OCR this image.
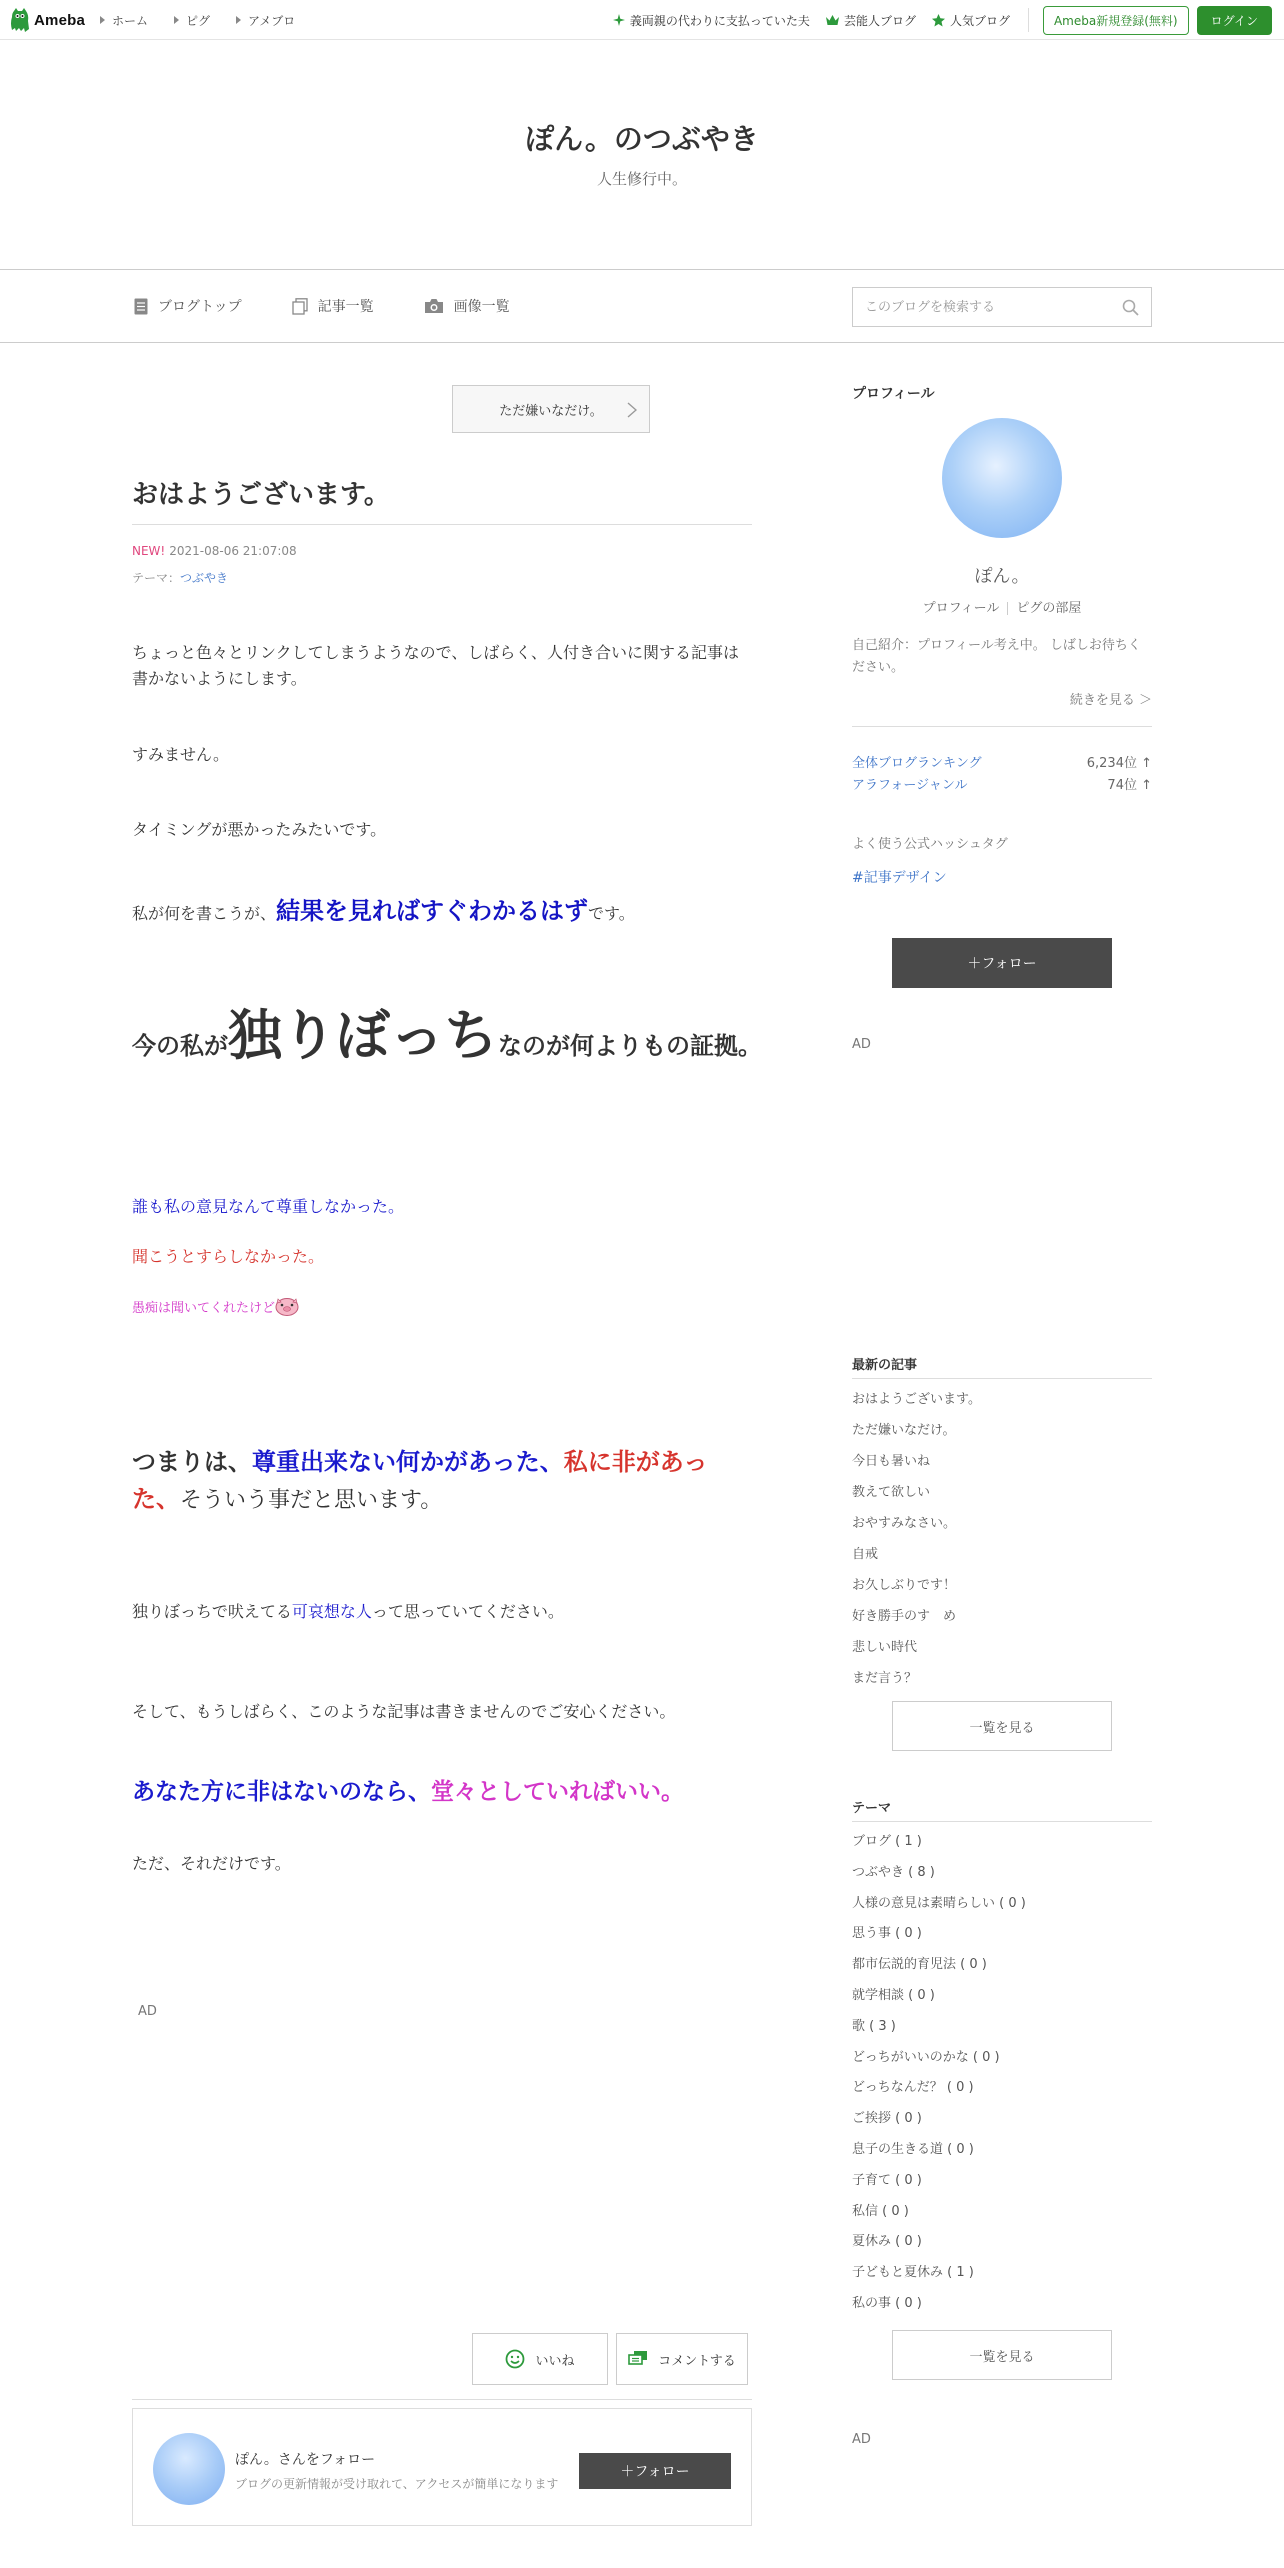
Ameba ホーム	ピグ	アメブロ	義両親の代わりに支払っていた夫	芸能人ブログ	人気ブログ	Ameba新規登録(無料)	ログイン
ぽん。のつぶやき
人生修行中。
ブログトップ	記事一覧	画像一覧
このブログを検索する
ただ嫌いなだけ。
おはようございます。
NEW! 2021-08-06 21:07:08
テーマ：つぶやき
ちょっと色々とリンクしてしまうようなので、しばらく、人付き合いに関する記事は書かないようにします。
すみません。
タイミングが悪かったみたいです。
私が何を書こうが、結果を見ればすぐわかるはずです。
今の私が独りぼっちなのが何よりもの証拠。
誰も私の意見なんて尊重しなかった。
聞こうとすらしなかった。
愚痴は聞いてくれたけど
つまりは、尊重出来ない何かがあった、私に非があった、そういう事だと思います。
独りぼっちで吠えてる可哀想な人って思っていてください。
そして、もうしばらく、このような記事は書きませんのでご安心ください。
あなた方に非はないのなら、堂々としていればいい。
ただ、それだけです。
AD
いいね	コメントする
ぽん。さんをフォロー
ブログの更新情報が受け取れて、アクセスが簡単になります
＋フォロー
プロフィール
ぽん。
プロフィール ピグの部屋
自己紹介：プロフィール考え中。 しばしお待ちください。
続きを見る ＞
全体ブログランキング	6,234位 ↑
アラフォージャンル	74位 ↑
よく使う公式ハッシュタグ
#記事デザイン
＋フォロー
AD
最新の記事
おはようございます。
ただ嫌いなだけ。
今日も暑いね
教えて欲しい
おやすみなさい。
自戒
お久しぶりです！
好き勝手のす　め
悲しい時代
まだ言う？
一覧を見る
テーマ
ブログ ( 1 )
つぶやき ( 8 )
人様の意見は素晴らしい ( 0 )
思う事 ( 0 )
都市伝説的育児法 ( 0 )
就学相談 ( 0 )
歌 ( 3 )
どっちがいいのかな ( 0 )
どっちなんだ？ ( 0 )
ご挨拶 ( 0 )
息子の生きる道 ( 0 )
子育て ( 0 )
私信 ( 0 )
夏休み ( 0 )
子どもと夏休み ( 1 )
私の事 ( 0 )
一覧を見る
AD
